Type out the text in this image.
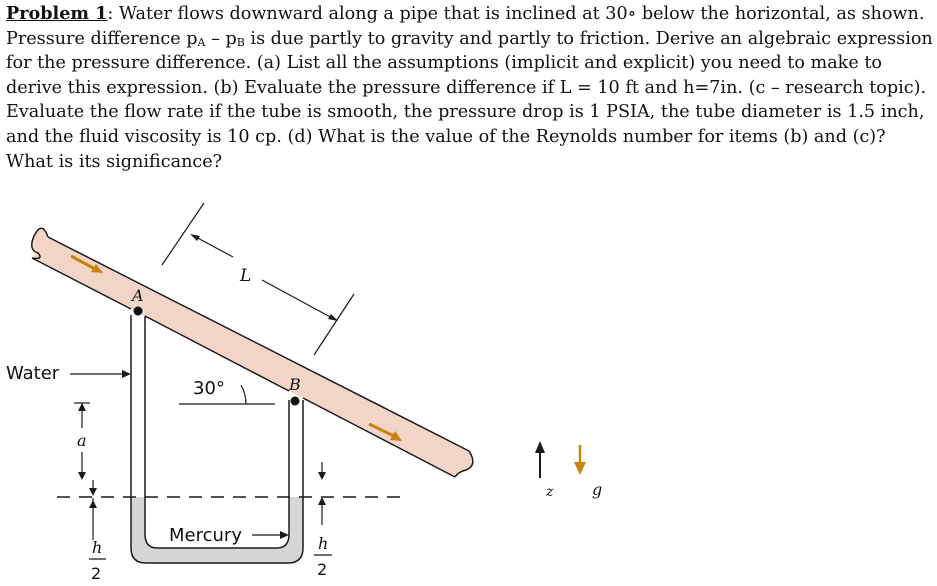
Problem 1: Water flows downward along a pipe that is inclined at 30∘ below the horizontal, as shown. Pressure difference $p_A - p_B$ is due partly to gravity and partly to friction. Derive an algebraic expression for the pressure difference. (a) List all the assumptions (implicit and explicit) you need to make to derive this expression. (b) Evaluate the pressure difference if L = 10 ft and h=7in. (c – research topic). Evaluate the flow rate if the tube is smooth, the pressure drop is 1 PSIA, the tube diameter is 1.5 inch, and the fluid viscosity is 10 cp. (d) What is the value of the Reynolds number for items (b) and (c)? What is its significance?

L
A
B
Water
30°
a
h
2
h
2
Mercury
z g
